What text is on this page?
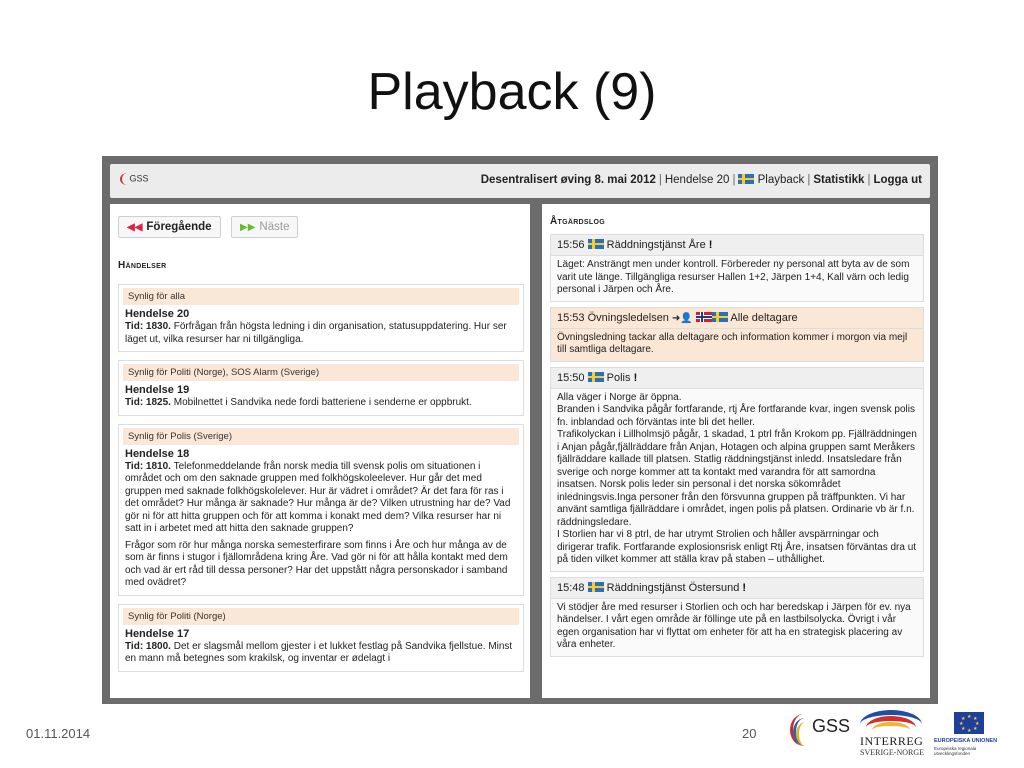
Playback (9)
GSS	Desentralisert øving 8. mai 2012 | Hendelse 20 | Playback | Statistikk | Logga ut
◀◀ Föregående	▶▶ Näste
Händelser
Synlig för alla
Hendelse 20
Tid: 1830. Förfrågan från högsta ledning i din organisation, statusuppdatering. Hur ser läget ut, vilka resurser har ni tillgängliga.
Synlig för Politi (Norge), SOS Alarm (Sverige)
Hendelse 19
Tid: 1825. Mobilnettet i Sandvika nede fordi batteriene i senderne er oppbrukt.
Synlig för Polis (Sverige)
Hendelse 18
Tid: 1810. Telefonmeddelande från norsk media till svensk polis om situationen i området och om den saknade gruppen med folkhögskoleelever. Hur går det med gruppen med saknade folkhögskolelever. Hur är vädret i området? Är det fara för ras i det området? Hur många är saknade? Hur många är de? Vilken utrustning har de? Vad gör ni för att hitta gruppen och för att komma i konakt med dem? Vilka resurser har ni satt in i arbetet med att hitta den saknade gruppen?

Frågor som rör hur många norska semesterfirare som finns i Åre och hur många av de som är finns i stugor i fjällområdena kring Åre. Vad gör ni för att hålla kontakt med dem och vad är ert råd till dessa personer? Har det uppstått några personskador i samband med ovädret?

Synlig för Politi (Norge)
Hendelse 17
Tid: 1800. Det er slagsmål mellom gjester i et lukket festlag på Sandvika fjellstue. Minst en mann må betegnes som krakilsk, og inventar er ødelagt i
Åtgärdslog
15:56 Räddningstjänst Åre !
Läget: Ansträngt men under kontroll. Förbereder ny personal att byta av de som varit ute länge. Tillgängliga resurser Hallen 1+2, Järpen 1+4, Kall värn och ledig personal i Järpen och Åre.
15:53 Övningsledelsen ➜👤	Alle deltagare
Övningsledning tackar alla deltagare och information kommer i morgon via mejl till samtliga deltagare.
15:50 Polis !
Alla väger i Norge är öppna.
Branden i Sandvika pågår fortfarande, rtj Åre fortfarande kvar, ingen svensk polis fn. inblandad och förväntas inte bli det heller.
Trafikolyckan i Lillholmsjö pågår, 1 skadad, 1 ptrl från Krokom pp. Fjällräddningen i Anjan pågår,fjällräddare från Anjan, Hotagen och alpina gruppen samt Meråkers fjällräddare kallade till platsen. Statlig räddningstjänst inledd. Insatsledare från sverige och norge kommer att ta kontakt med varandra för att samordna insatsen. Norsk polis leder sin personal i det norska sökområdet inledningsvis.Inga personer från den försvunna gruppen på träffpunkten. Vi har använt samtliga fjällräddare i området, ingen polis på platsen. Ordinarie vb är f.n. räddningsledare.
I Storlien har vi 8 ptrl, de har utrymt Strolien och håller avspärrningar och dirigerar trafik. Fortfarande explosionsrisk enligt Rtj Åre, insatsen förväntas dra ut på tiden vilket kommer att ställa krav på staben – uthållighet.
15:48 Räddningstjänst Östersund !
Vi stödjer åre med resurser i Storlien och och har beredskap i Järpen för ev. nya händelser. I vårt egen område är föllinge ute på en lastbilsolycka. Övrigt i vår egen organisation har vi flyttat om enheter för att ha en strategisk placering av våra enheter.
01.11.2014	20	GSS
INTERREG
SVERIGE-NORGE
★ ★
★
★
★
★
★
★
EUROPEISKA UNIONEN
Europeiska regionala utvecklingsfonden
